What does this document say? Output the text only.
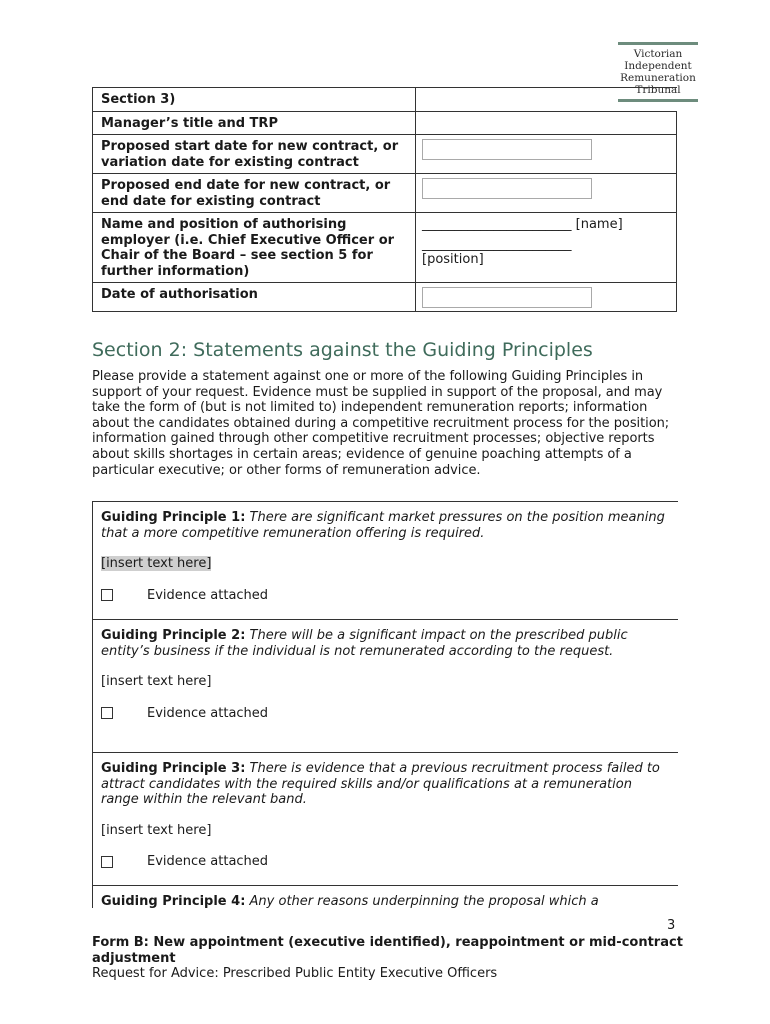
Victorian
Independent
Remuneration
Tribunal
Section 3)	
Manager’s title and TRP	
Proposed start date for new contract, or variation date for existing contract	

Proposed end date for new contract, or end date for existing contract	

Name and position of authorising employer (i.e. Chief Executive Officer or Chair of the Board – see section 5 for further information)	_______________________ [name]
_______________________
[position]

Date of authorisation	
Section 2: Statements against the Guiding Principles
Please provide a statement against one or more of the following Guiding Principles in support of your request. Evidence must be supplied in support of the proposal, and may take the form of (but is not limited to) independent remuneration reports; information about the candidates obtained during a competitive recruitment process for the position; information gained through other competitive recruitment processes; objective reports about skills shortages in certain areas; evidence of genuine poaching attempts of a particular executive; or other forms of remuneration advice.
Guiding Principle 1: There are significant market pressures on the position meaning that a more competitive remuneration offering is required.
[insert text here]
Evidence attached
Guiding Principle 2: There will be a significant impact on the prescribed public entity’s business if the individual is not remunerated according to the request.
[insert text here]
Evidence attached
Guiding Principle 3: There is evidence that a previous recruitment process failed to attract candidates with the required skills and/or qualifications at a remuneration range within the relevant band.
[insert text here]
Evidence attached
Guiding Principle 4: Any other reasons underpinning the proposal which a
3
Form B: New appointment (executive identified), reappointment or mid-contract adjustment
Request for Advice: Prescribed Public Entity Executive Officers
